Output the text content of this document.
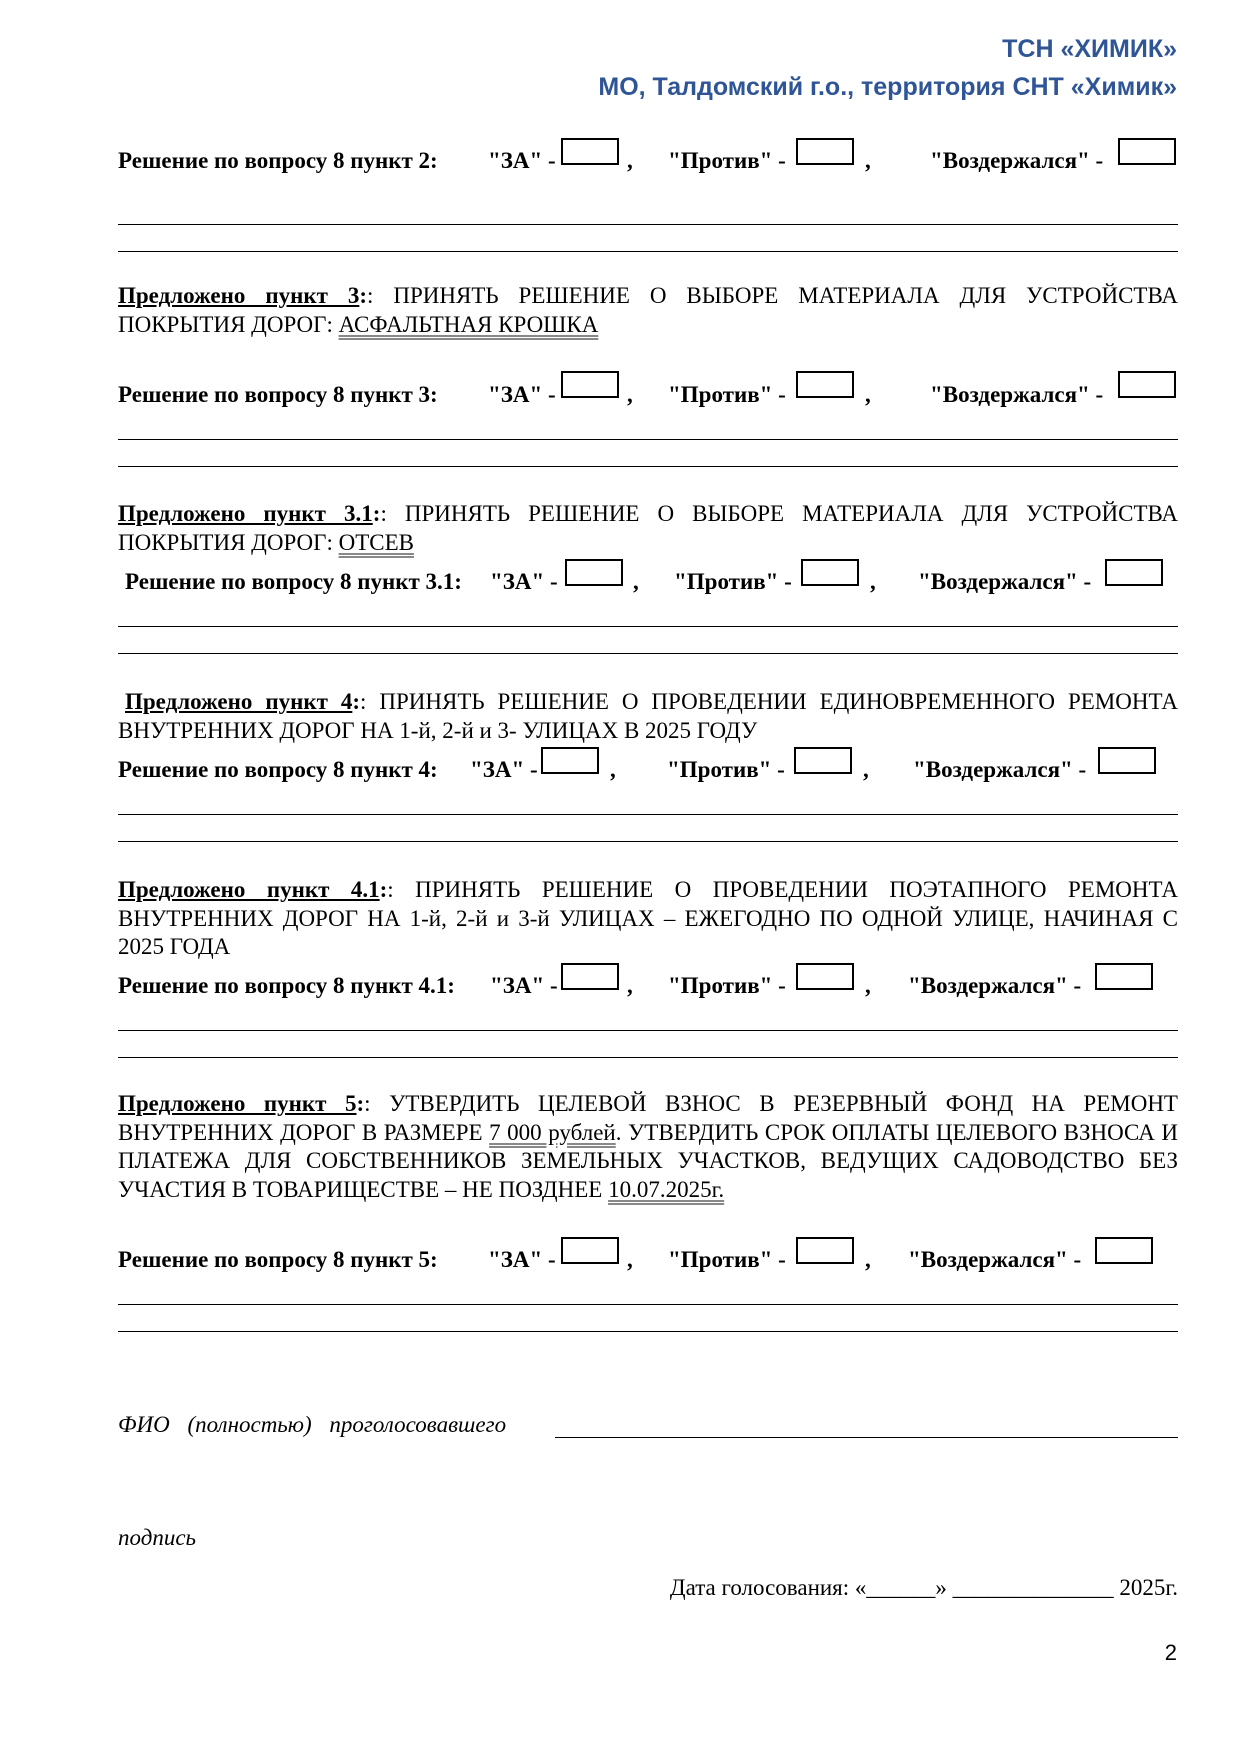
ТСН «ХИМИК»
МО, Талдомский г.о., территория СНТ «Химик»
Решение по вопросу 8 пункт 2: "ЗА" -	, "Против" -	,	"Воздержался" -
Предложено пункт 3:: ПРИНЯТЬ РЕШЕНИЕ О ВЫБОРЕ МАТЕРИАЛА ДЛЯ УСТРОЙСТВА ПОКРЫТИЯ ДОРОГ: АСФАЛЬТНАЯ КРОШКА
Решение по вопросу 8 пункт 3: "ЗА" -	, "Против" -	,	"Воздержался" -
Предложено пункт 3.1:: ПРИНЯТЬ РЕШЕНИЕ О ВЫБОРЕ МАТЕРИАЛА ДЛЯ УСТРОЙСТВА ПОКРЫТИЯ ДОРОГ: ОТСЕВ
Решение по вопросу 8 пункт 3.1: "ЗА" -	, "Против" -	, "Воздержался" -
Предложено пункт 4:: ПРИНЯТЬ РЕШЕНИЕ О ПРОВЕДЕНИИ ЕДИНОВРЕМЕННОГО РЕМОНТА ВНУТРЕННИХ ДОРОГ НА 1-й, 2-й и 3- УЛИЦАХ В 2025 ГОДУ
Решение по вопросу 8 пункт 4: "ЗА" -	, "Против" -	, "Воздержался" -
Предложено пункт 4.1:: ПРИНЯТЬ РЕШЕНИЕ О ПРОВЕДЕНИИ ПОЭТАПНОГО РЕМОНТА ВНУТРЕННИХ ДОРОГ НА 1-й, 2-й и 3-й УЛИЦАХ – ЕЖЕГОДНО ПО ОДНОЙ УЛИЦЕ, НАЧИНАЯ С 2025 ГОДА
Решение по вопросу 8 пункт 4.1: "ЗА" -	, "Против" -	, "Воздержался" -
Предложено пункт 5:: УТВЕРДИТЬ ЦЕЛЕВОЙ ВЗНОС В РЕЗЕРВНЫЙ ФОНД НА РЕМОНТ ВНУТРЕННИХ ДОРОГ В РАЗМЕРЕ 7 000 рублей. УТВЕРДИТЬ СРОК ОПЛАТЫ ЦЕЛЕВОГО ВЗНОСА И ПЛАТЕЖА ДЛЯ СОБСТВЕННИКОВ ЗЕМЕЛЬНЫХ УЧАСТКОВ, ВЕДУЩИХ САДОВОДСТВО БЕЗ УЧАСТИЯ В ТОВАРИЩЕСТВЕ – НЕ ПОЗДНЕЕ 10.07.2025г.
Решение по вопросу 8 пункт 5: "ЗА" -	, "Против" -	, "Воздержался" -
ФИО (полностью) проголосовавшего
подпись
Дата голосования: «______» ______________ 2025г.
2
